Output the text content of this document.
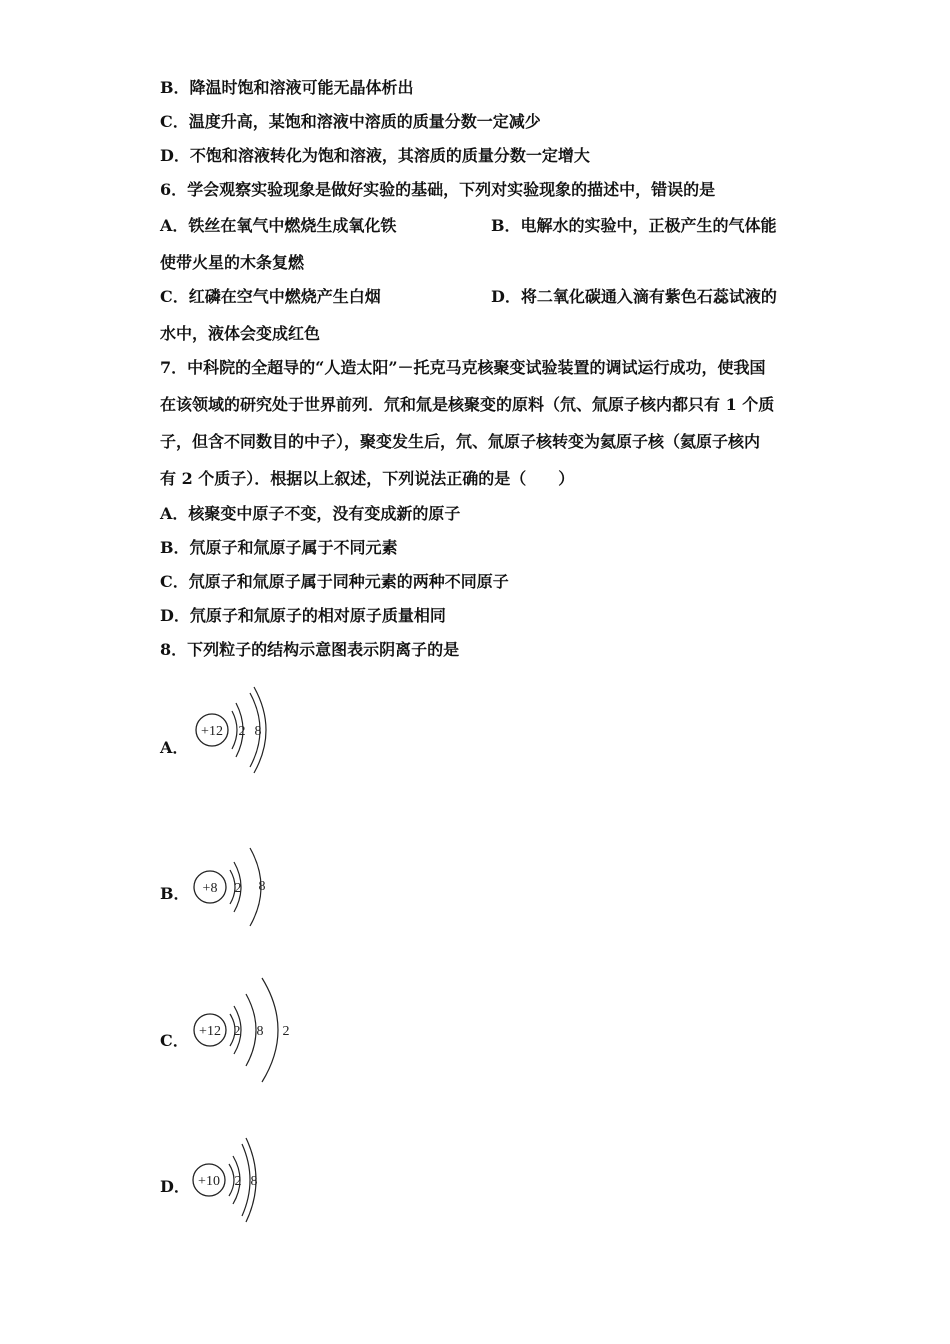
B．降温时饱和溶液可能无晶体析出
C．温度升高，某饱和溶液中溶质的质量分数一定减少
D．不饱和溶液转化为饱和溶液，其溶质的质量分数一定增大
6．学会观察实验现象是做好实验的基础，下列对实验现象的描述中，错误的是
A．铁丝在氧气中燃烧生成氧化铁	B．电解水的实验中，正极产生的气体能
使带火星的木条复燃
C．红磷在空气中燃烧产生白烟	D．将二氧化碳通入滴有紫色石蕊试液的
水中，液体会变成红色
7．中科院的全超导的“人造太阳”－托克马克核聚变试验装置的调试运行成功，使我国
在该领域的研究处于世界前列．氘和氚是核聚变的原料（氘、氚原子核内都只有 1 个质
子，但含不同数目的中子），聚变发生后，氘、氚原子核转变为氦原子核（氦原子核内
有 2 个质子）．根据以上叙述，下列说法正确的是（　　）
A．核聚变中原子不变，没有变成新的原子
B．氘原子和氚原子属于不同元素
C．氘原子和氚原子属于同种元素的两种不同原子
D．氘原子和氚原子的相对原子质量相同
8．下列粒子的结构示意图表示阴离子的是
A．
+12 2 8
B． +8 2 8
C． +12 2 8 2
D． +10 2 8
